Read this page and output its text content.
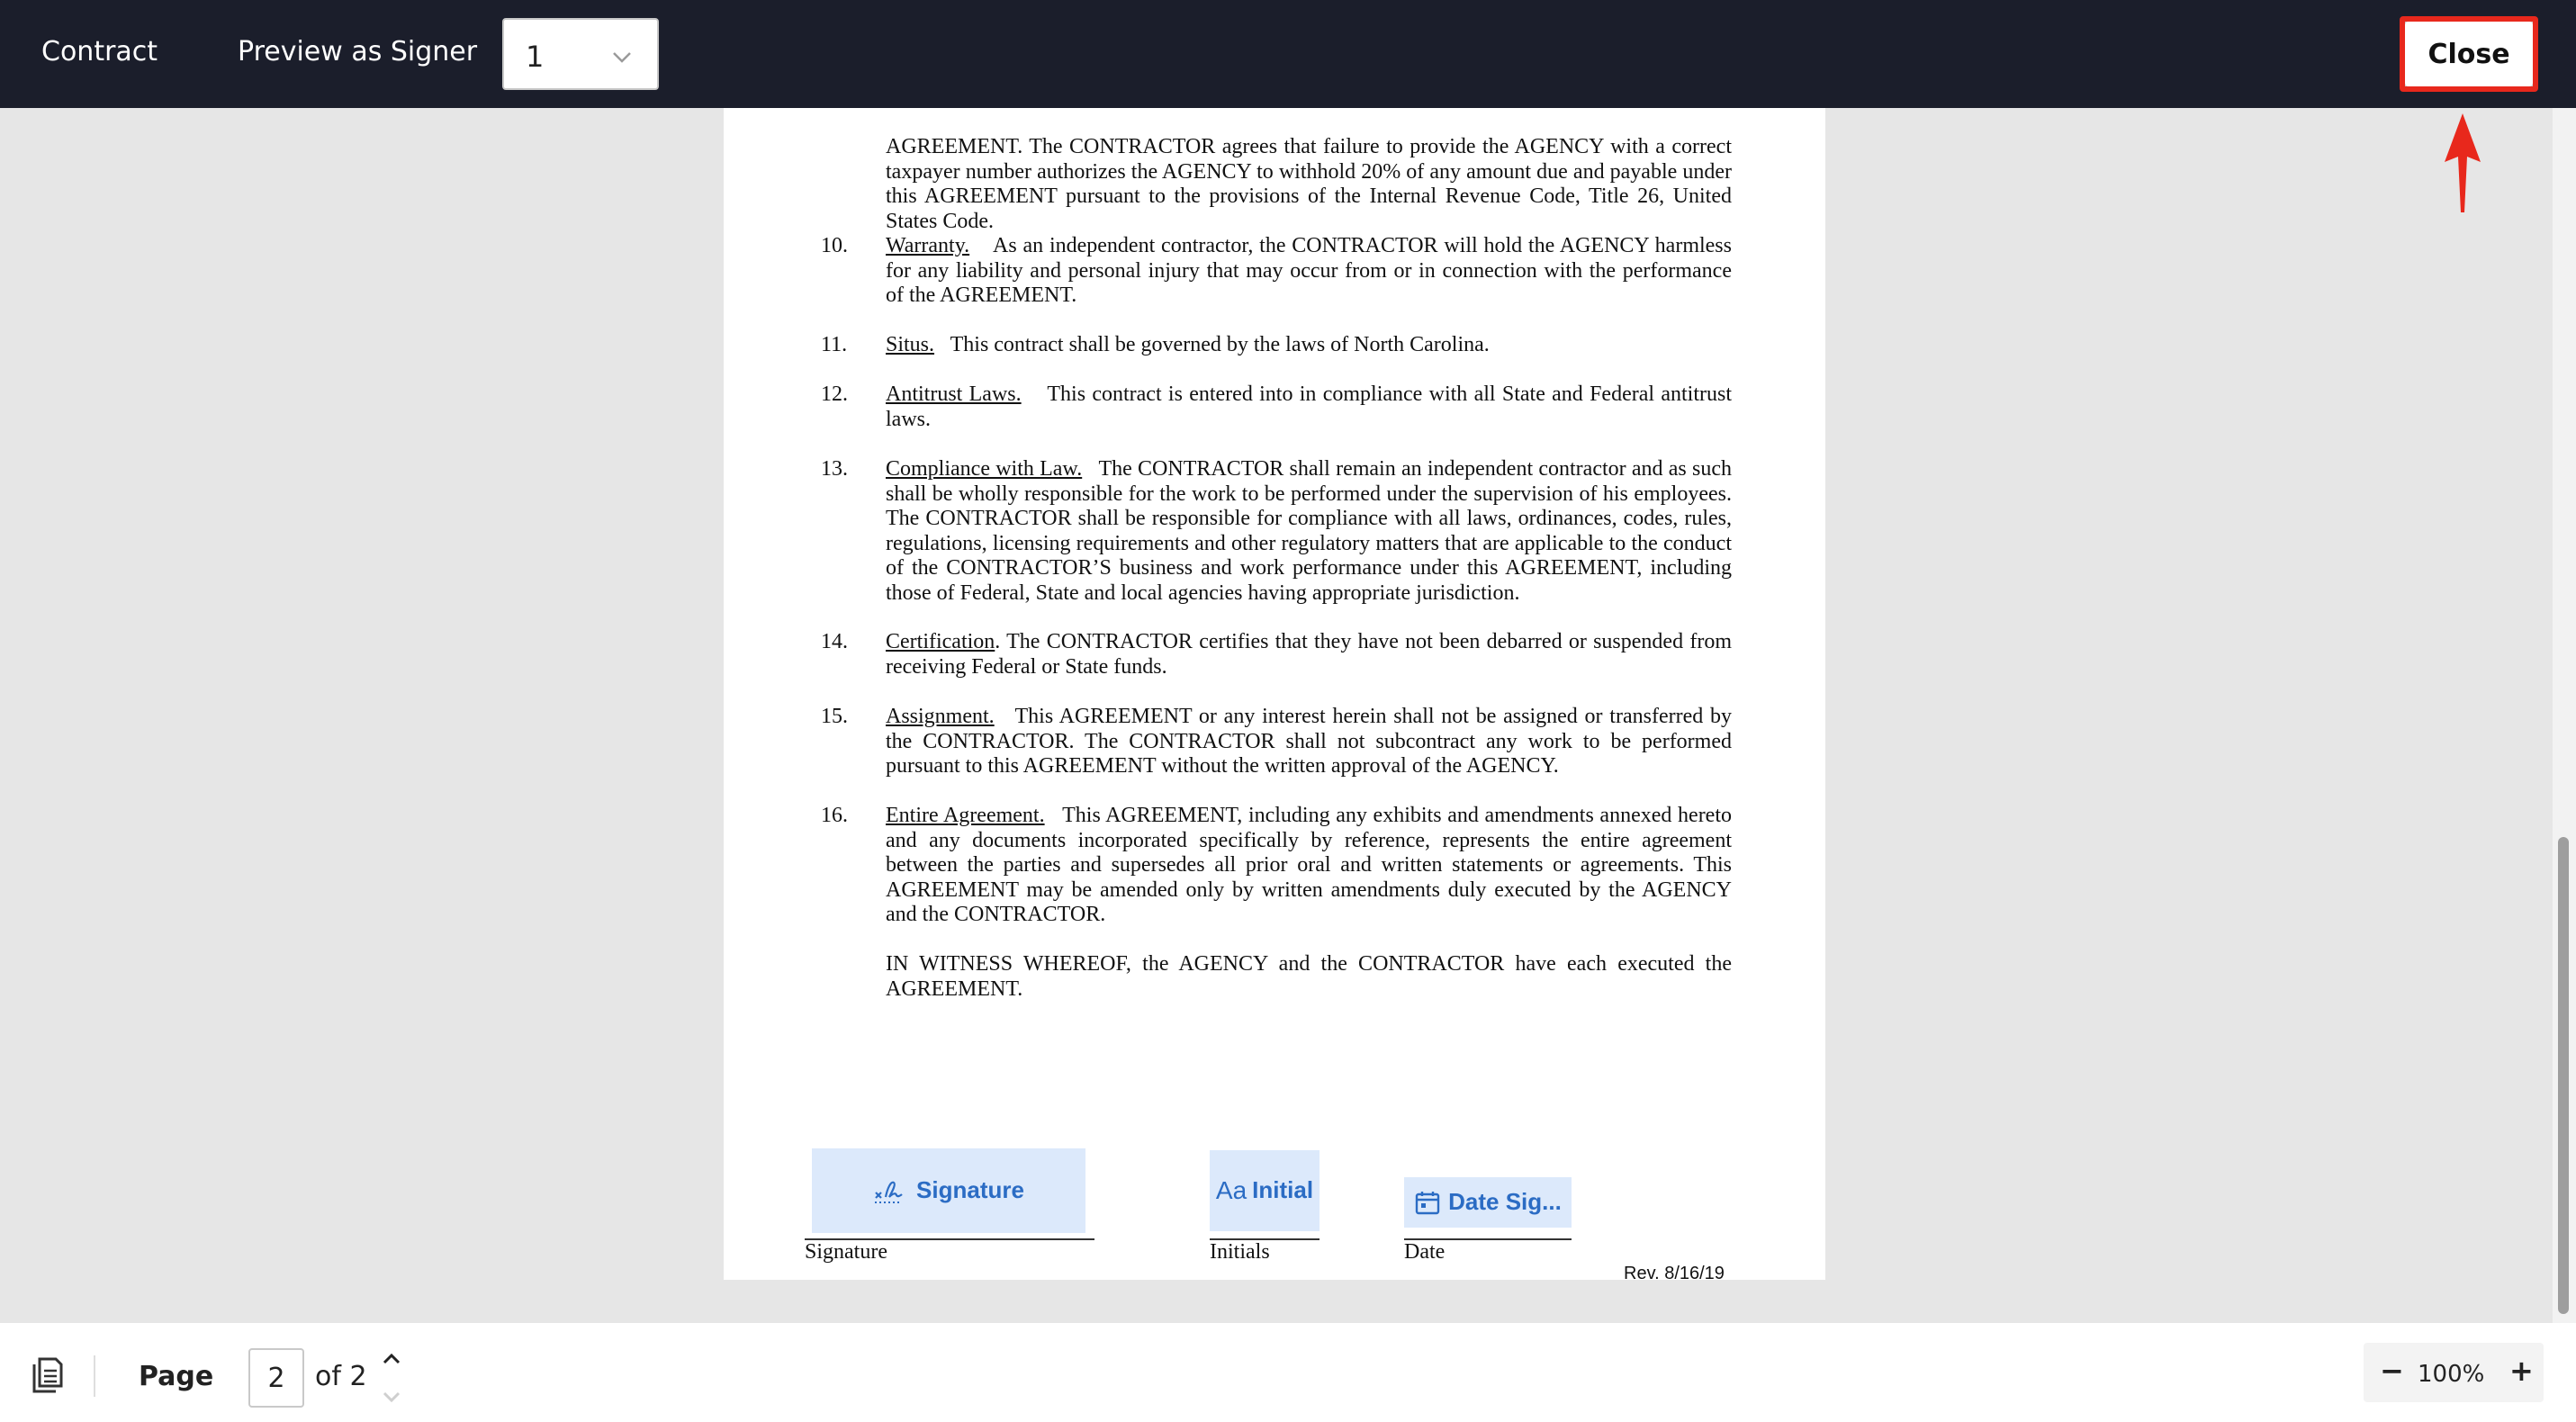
Contract	Preview as Signer 1	Close
AGREEMENT. The CONTRACTOR agrees that failure to provide the AGENCY with a correct taxpayer number authorizes the AGENCY to withhold 20% of any amount due and payable under this AGREEMENT pursuant to the provisions of the Internal Revenue Code, Title 26, United States Code.
10. Warranty. As an independent contractor, the CONTRACTOR will hold the AGENCY harmless for any liability and personal injury that may occur from or in connection with the performance of the AGREEMENT.
11. Situs. This contract shall be governed by the laws of North Carolina.
12. Antitrust Laws. This contract is entered into in compliance with all State and Federal antitrust laws.
13. Compliance with Law. The CONTRACTOR shall remain an independent contractor and as such shall be wholly responsible for the work to be performed under the supervision of his employees. The CONTRACTOR shall be responsible for compliance with all laws, ordinances, codes, rules, regulations, licensing requirements and other regulatory matters that are applicable to the conduct of the CONTRACTOR’S business and work performance under this AGREEMENT, including those of Federal, State and local agencies having appropriate jurisdiction.
14. Certification. The CONTRACTOR certifies that they have not been debarred or suspended from receiving Federal or State funds.
15. Assignment. This AGREEMENT or any interest herein shall not be assigned or transferred by the CONTRACTOR. The CONTRACTOR shall not subcontract any work to be performed pursuant to this AGREEMENT without the written approval of the AGENCY.
16. Entire Agreement. This AGREEMENT, including any exhibits and amendments annexed hereto and any documents incorporated specifically by reference, represents the entire agreement between the parties and supersedes all prior oral and written statements or agreements. This AGREEMENT may be amended only by written amendments duly executed by the AGENCY and the CONTRACTOR.
IN WITNESS WHEREOF, the AGENCY and the CONTRACTOR have each executed the AGREEMENT.
Signature	Aa Initial	Date Sig...
Signature	Initials	Date
Rev. 8/16/19
Page	2	of 2	− 100% +
